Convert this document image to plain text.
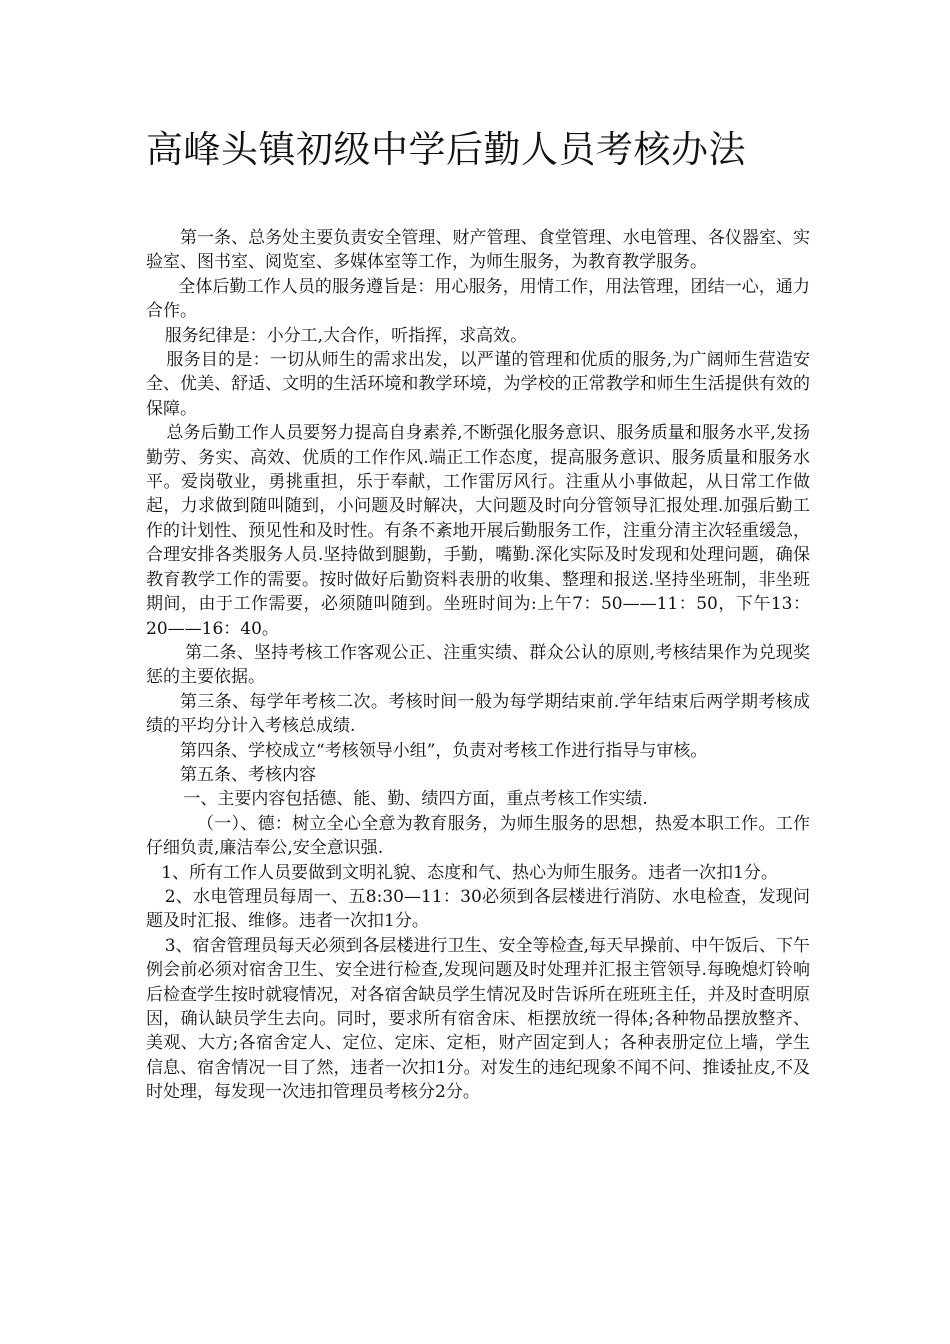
高峰头镇初级中学后勤人员考核办法

第一条、总务处主要负责安全管理、财产管理、食堂管理、水电管理、各仪器室、实验室、图书室、阅览室、多媒体室等工作，为师生服务，为教育教学服务。

全体后勤工作人员的服务遵旨是：用心服务，用情工作，用法管理，团结一心，通力合作。

服务纪律是：小分工,大合作，听指挥，求高效。

服务目的是：一切从师生的需求出发，以严谨的管理和优质的服务,为广阔师生营造安全、优美、舒适、文明的生活环境和教学环境，为学校的正常教学和师生生活提供有效的保障。

总务后勤工作人员要努力提高自身素养,不断强化服务意识、服务质量和服务水平,发扬勤劳、务实、高效、优质的工作作风.端正工作态度，提高服务意识、服务质量和服务水平。爱岗敬业，勇挑重担，乐于奉献，工作雷厉风行。注重从小事做起，从日常工作做起，力求做到随叫随到，小问题及时解决，大问题及时向分管领导汇报处理.加强后勤工作的计划性、预见性和及时性。有条不紊地开展后勤服务工作，注重分清主次轻重缓急，合理安排各类服务人员.坚持做到腿勤，手勤，嘴勤.深化实际及时发现和处理问题，确保教育教学工作的需要。按时做好后勤资料表册的收集、整理和报送.坚持坐班制，非坐班期间，由于工作需要，必须随叫随到。坐班时间为:上午7：50——11：50，下午13：20——16：40。

第二条、坚持考核工作客观公正、注重实绩、群众公认的原则,考核结果作为兑现奖惩的主要依据。

第三条、每学年考核二次。考核时间一般为每学期结束前.学年结束后两学期考核成绩的平均分计入考核总成绩.

第四条、学校成立“考核领导小组”，负责对考核工作进行指导与审核。

第五条、考核内容

一、主要内容包括德、能、勤、绩四方面，重点考核工作实绩.

（一）、德：树立全心全意为教育服务，为师生服务的思想，热爱本职工作。工作仔细负责,廉洁奉公,安全意识强.

1、所有工作人员要做到文明礼貌、态度和气、热心为师生服务。违者一次扣1分。

2、水电管理员每周一、五8:30—11：30必须到各层楼进行消防、水电检查，发现问题及时汇报、维修。违者一次扣1分。

3、宿舍管理员每天必须到各层楼进行卫生、安全等检查,每天早操前、中午饭后、下午例会前必须对宿舍卫生、安全进行检查,发现问题及时处理并汇报主管领导.每晚熄灯铃响后检查学生按时就寝情况，对各宿舍缺员学生情况及时告诉所在班班主任，并及时查明原因，确认缺员学生去向。同时，要求所有宿舍床、柜摆放统一得体;各种物品摆放整齐、美观、大方;各宿舍定人、定位、定床、定柜，财产固定到人；各种表册定位上墙，学生信息、宿舍情况一目了然，违者一次扣1分。对发生的违纪现象不闻不问、推诿扯皮,不及时处理，每发现一次违扣管理员考核分2分。
